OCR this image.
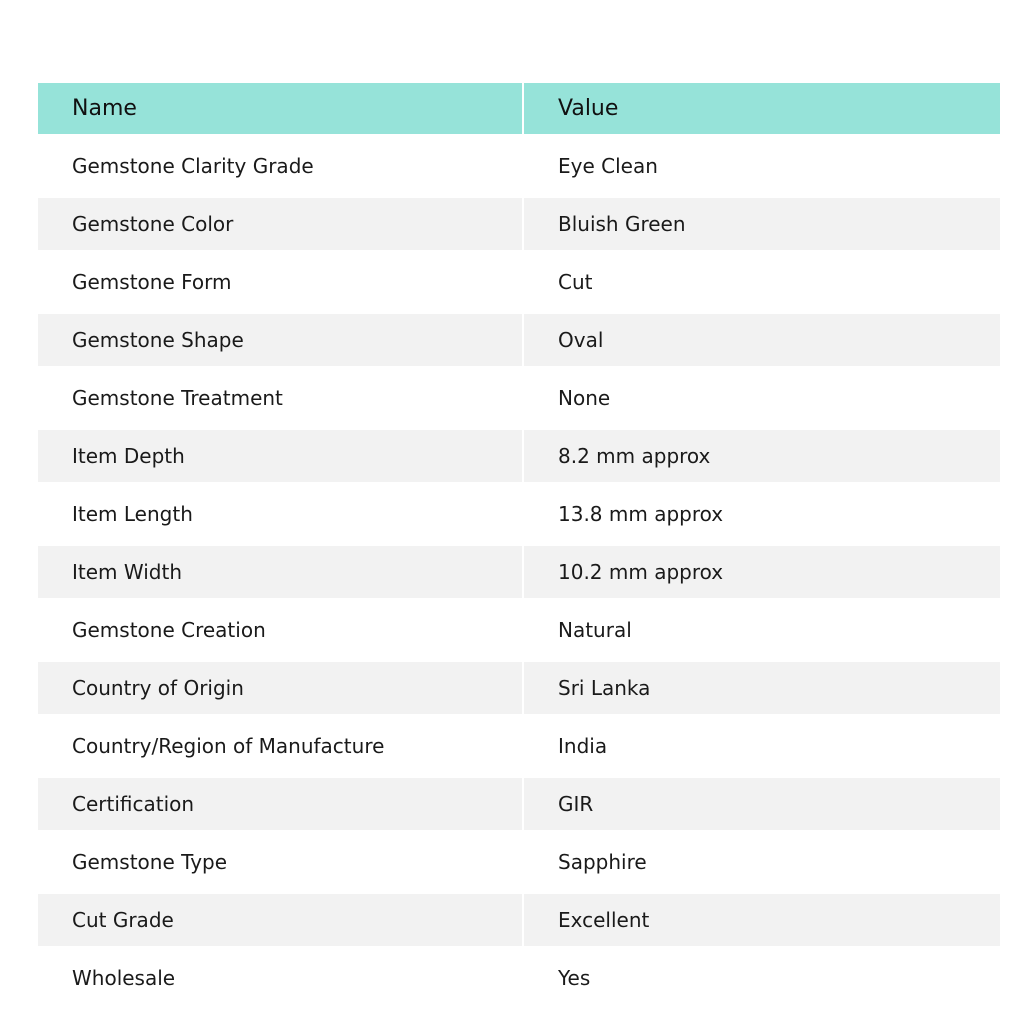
Name	Value
Gemstone Clarity Grade	Eye Clean
Gemstone Color	Bluish Green
Gemstone Form	Cut
Gemstone Shape	Oval
Gemstone Treatment	None
Item Depth	8.2 mm approx
Item Length	13.8 mm approx
Item Width	10.2 mm approx
Gemstone Creation	Natural
Country of Origin	Sri Lanka
Country/Region of Manufacture	India
Certification	GIR
Gemstone Type	Sapphire
Cut Grade	Excellent
Wholesale	Yes
